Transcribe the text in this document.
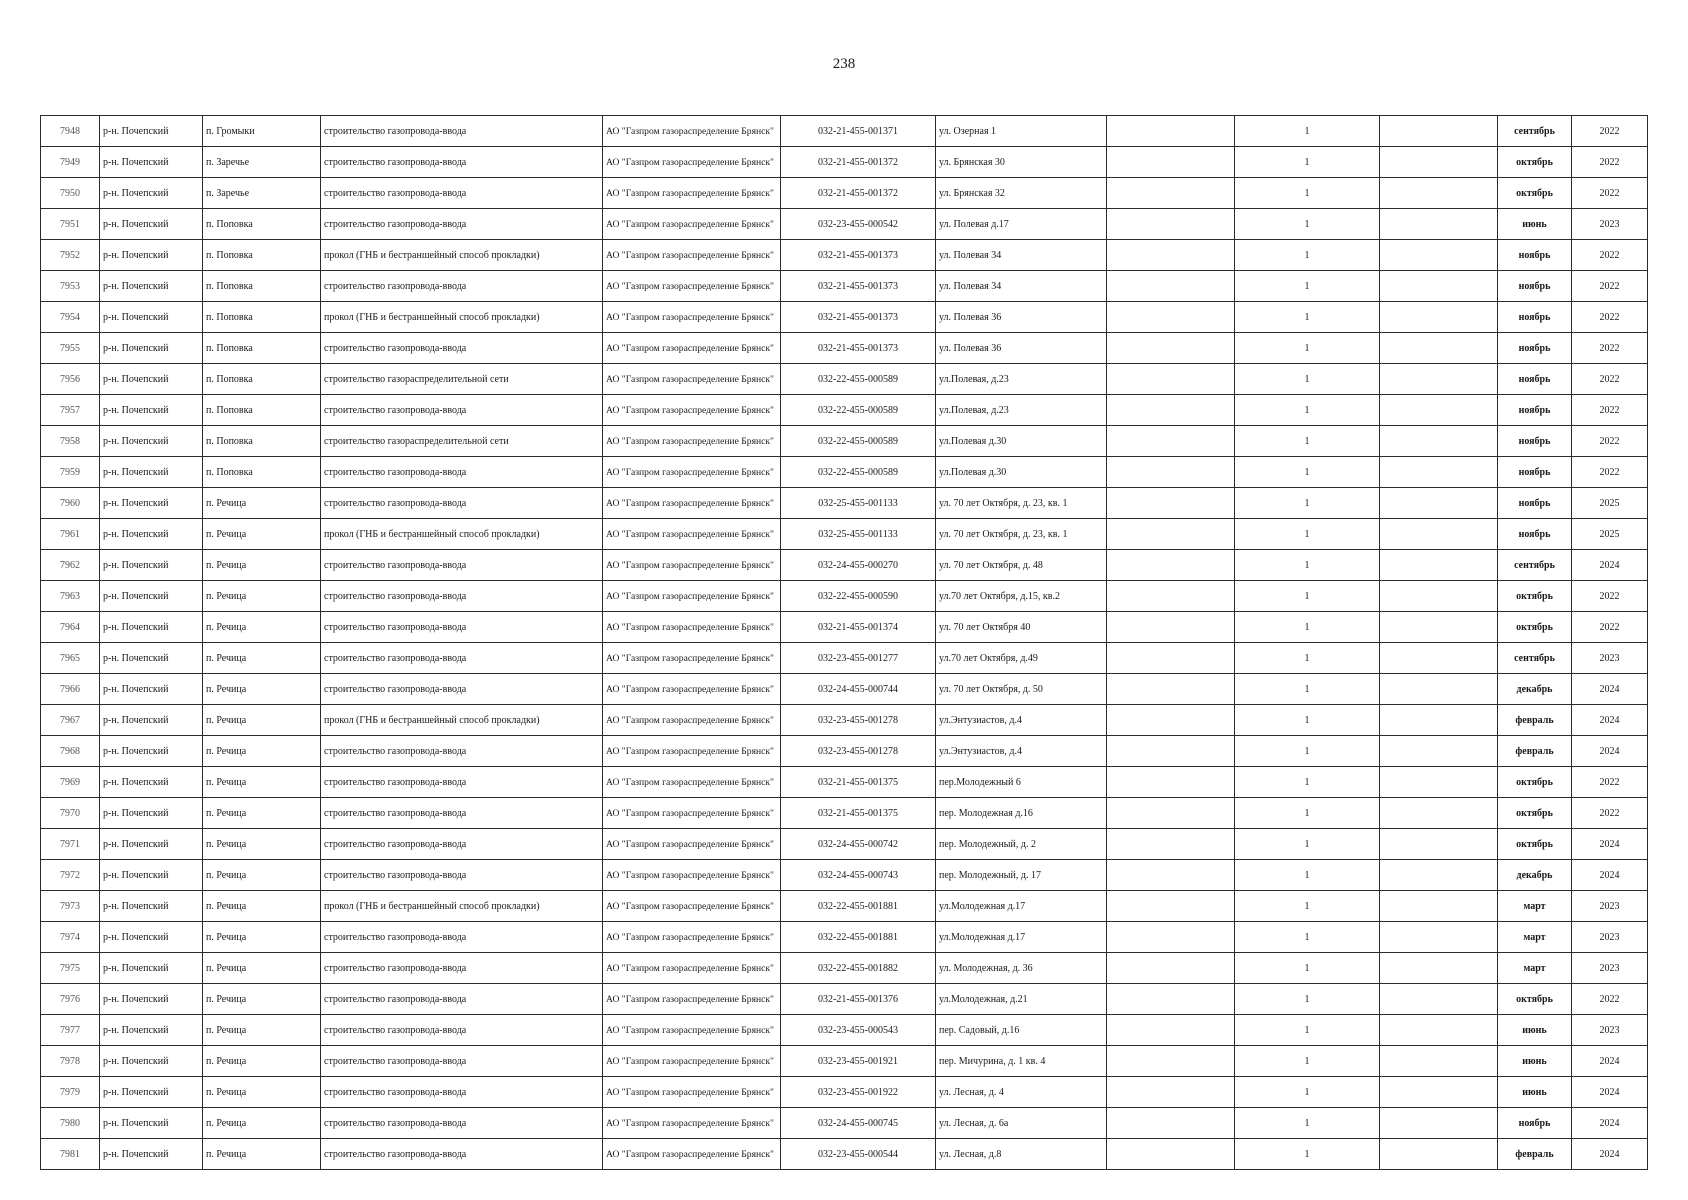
238
7948	р-н. Почепский	п. Громыки	строительство газопровода-ввода	АО "Газпром газораспределение Брянск"	032-21-455-001371	ул. Озерная 1		1		сентябрь	2022
7949	р-н. Почепский	п. Заречье	строительство газопровода-ввода	АО "Газпром газораспределение Брянск"	032-21-455-001372	ул. Брянская 30		1		октябрь	2022
7950	р-н. Почепский	п. Заречье	строительство газопровода-ввода	АО "Газпром газораспределение Брянск"	032-21-455-001372	ул. Брянская 32		1		октябрь	2022
7951	р-н. Почепский	п. Поповка	строительство газопровода-ввода	АО "Газпром газораспределение Брянск"	032-23-455-000542	ул. Полевая д.17		1		июнь	2023
7952	р-н. Почепский	п. Поповка	прокол (ГНБ и бестраншейный способ прокладки)	АО "Газпром газораспределение Брянск"	032-21-455-001373	ул. Полевая 34		1		ноябрь	2022
7953	р-н. Почепский	п. Поповка	строительство газопровода-ввода	АО "Газпром газораспределение Брянск"	032-21-455-001373	ул. Полевая 34		1		ноябрь	2022
7954	р-н. Почепский	п. Поповка	прокол (ГНБ и бестраншейный способ прокладки)	АО "Газпром газораспределение Брянск"	032-21-455-001373	ул. Полевая 36		1		ноябрь	2022
7955	р-н. Почепский	п. Поповка	строительство газопровода-ввода	АО "Газпром газораспределение Брянск"	032-21-455-001373	ул. Полевая 36		1		ноябрь	2022
7956	р-н. Почепский	п. Поповка	строительство газораспределительной сети	АО "Газпром газораспределение Брянск"	032-22-455-000589	ул.Полевая, д.23		1		ноябрь	2022
7957	р-н. Почепский	п. Поповка	строительство газопровода-ввода	АО "Газпром газораспределение Брянск"	032-22-455-000589	ул.Полевая, д.23		1		ноябрь	2022
7958	р-н. Почепский	п. Поповка	строительство газораспределительной сети	АО "Газпром газораспределение Брянск"	032-22-455-000589	ул.Полевая д.30		1		ноябрь	2022
7959	р-н. Почепский	п. Поповка	строительство газопровода-ввода	АО "Газпром газораспределение Брянск"	032-22-455-000589	ул.Полевая д.30		1		ноябрь	2022
7960	р-н. Почепский	п. Речица	строительство газопровода-ввода	АО "Газпром газораспределение Брянск"	032-25-455-001133	ул. 70 лет Октября, д. 23, кв. 1		1		ноябрь	2025
7961	р-н. Почепский	п. Речица	прокол (ГНБ и бестраншейный способ прокладки)	АО "Газпром газораспределение Брянск"	032-25-455-001133	ул. 70 лет Октября, д. 23, кв. 1		1		ноябрь	2025
7962	р-н. Почепский	п. Речица	строительство газопровода-ввода	АО "Газпром газораспределение Брянск"	032-24-455-000270	ул. 70 лет Октября, д. 48		1		сентябрь	2024
7963	р-н. Почепский	п. Речица	строительство газопровода-ввода	АО "Газпром газораспределение Брянск"	032-22-455-000590	ул.70 лет Октября, д.15, кв.2		1		октябрь	2022
7964	р-н. Почепский	п. Речица	строительство газопровода-ввода	АО "Газпром газораспределение Брянск"	032-21-455-001374	ул. 70 лет Октября 40		1		октябрь	2022
7965	р-н. Почепский	п. Речица	строительство газопровода-ввода	АО "Газпром газораспределение Брянск"	032-23-455-001277	ул.70 лет Октября, д.49		1		сентябрь	2023
7966	р-н. Почепский	п. Речица	строительство газопровода-ввода	АО "Газпром газораспределение Брянск"	032-24-455-000744	ул. 70 лет Октября, д. 50		1		декабрь	2024
7967	р-н. Почепский	п. Речица	прокол (ГНБ и бестраншейный способ прокладки)	АО "Газпром газораспределение Брянск"	032-23-455-001278	ул.Энтузиастов, д.4		1		февраль	2024
7968	р-н. Почепский	п. Речица	строительство газопровода-ввода	АО "Газпром газораспределение Брянск"	032-23-455-001278	ул.Энтузиастов, д.4		1		февраль	2024
7969	р-н. Почепский	п. Речица	строительство газопровода-ввода	АО "Газпром газораспределение Брянск"	032-21-455-001375	пер.Молодежный 6		1		октябрь	2022
7970	р-н. Почепский	п. Речица	строительство газопровода-ввода	АО "Газпром газораспределение Брянск"	032-21-455-001375	пер. Молодежная д.16		1		октябрь	2022
7971	р-н. Почепский	п. Речица	строительство газопровода-ввода	АО "Газпром газораспределение Брянск"	032-24-455-000742	пер. Молодежный, д. 2		1		октябрь	2024
7972	р-н. Почепский	п. Речица	строительство газопровода-ввода	АО "Газпром газораспределение Брянск"	032-24-455-000743	пер. Молодежный, д. 17		1		декабрь	2024
7973	р-н. Почепский	п. Речица	прокол (ГНБ и бестраншейный способ прокладки)	АО "Газпром газораспределение Брянск"	032-22-455-001881	ул.Молодежная д.17		1		март	2023
7974	р-н. Почепский	п. Речица	строительство газопровода-ввода	АО "Газпром газораспределение Брянск"	032-22-455-001881	ул.Молодежная д.17		1		март	2023
7975	р-н. Почепский	п. Речица	строительство газопровода-ввода	АО "Газпром газораспределение Брянск"	032-22-455-001882	ул. Молодежная, д. 36		1		март	2023
7976	р-н. Почепский	п. Речица	строительство газопровода-ввода	АО "Газпром газораспределение Брянск"	032-21-455-001376	ул.Молодежная, д.21		1		октябрь	2022
7977	р-н. Почепский	п. Речица	строительство газопровода-ввода	АО "Газпром газораспределение Брянск"	032-23-455-000543	пер. Садовый, д.16		1		июнь	2023
7978	р-н. Почепский	п. Речица	строительство газопровода-ввода	АО "Газпром газораспределение Брянск"	032-23-455-001921	пер. Мичурина, д. 1 кв. 4		1		июнь	2024
7979	р-н. Почепский	п. Речица	строительство газопровода-ввода	АО "Газпром газораспределение Брянск"	032-23-455-001922	ул. Лесная, д. 4		1		июнь	2024
7980	р-н. Почепский	п. Речица	строительство газопровода-ввода	АО "Газпром газораспределение Брянск"	032-24-455-000745	ул. Лесная, д. 6а		1		ноябрь	2024
7981	р-н. Почепский	п. Речица	строительство газопровода-ввода	АО "Газпром газораспределение Брянск"	032-23-455-000544	ул. Лесная, д.8		1		февраль	2024
